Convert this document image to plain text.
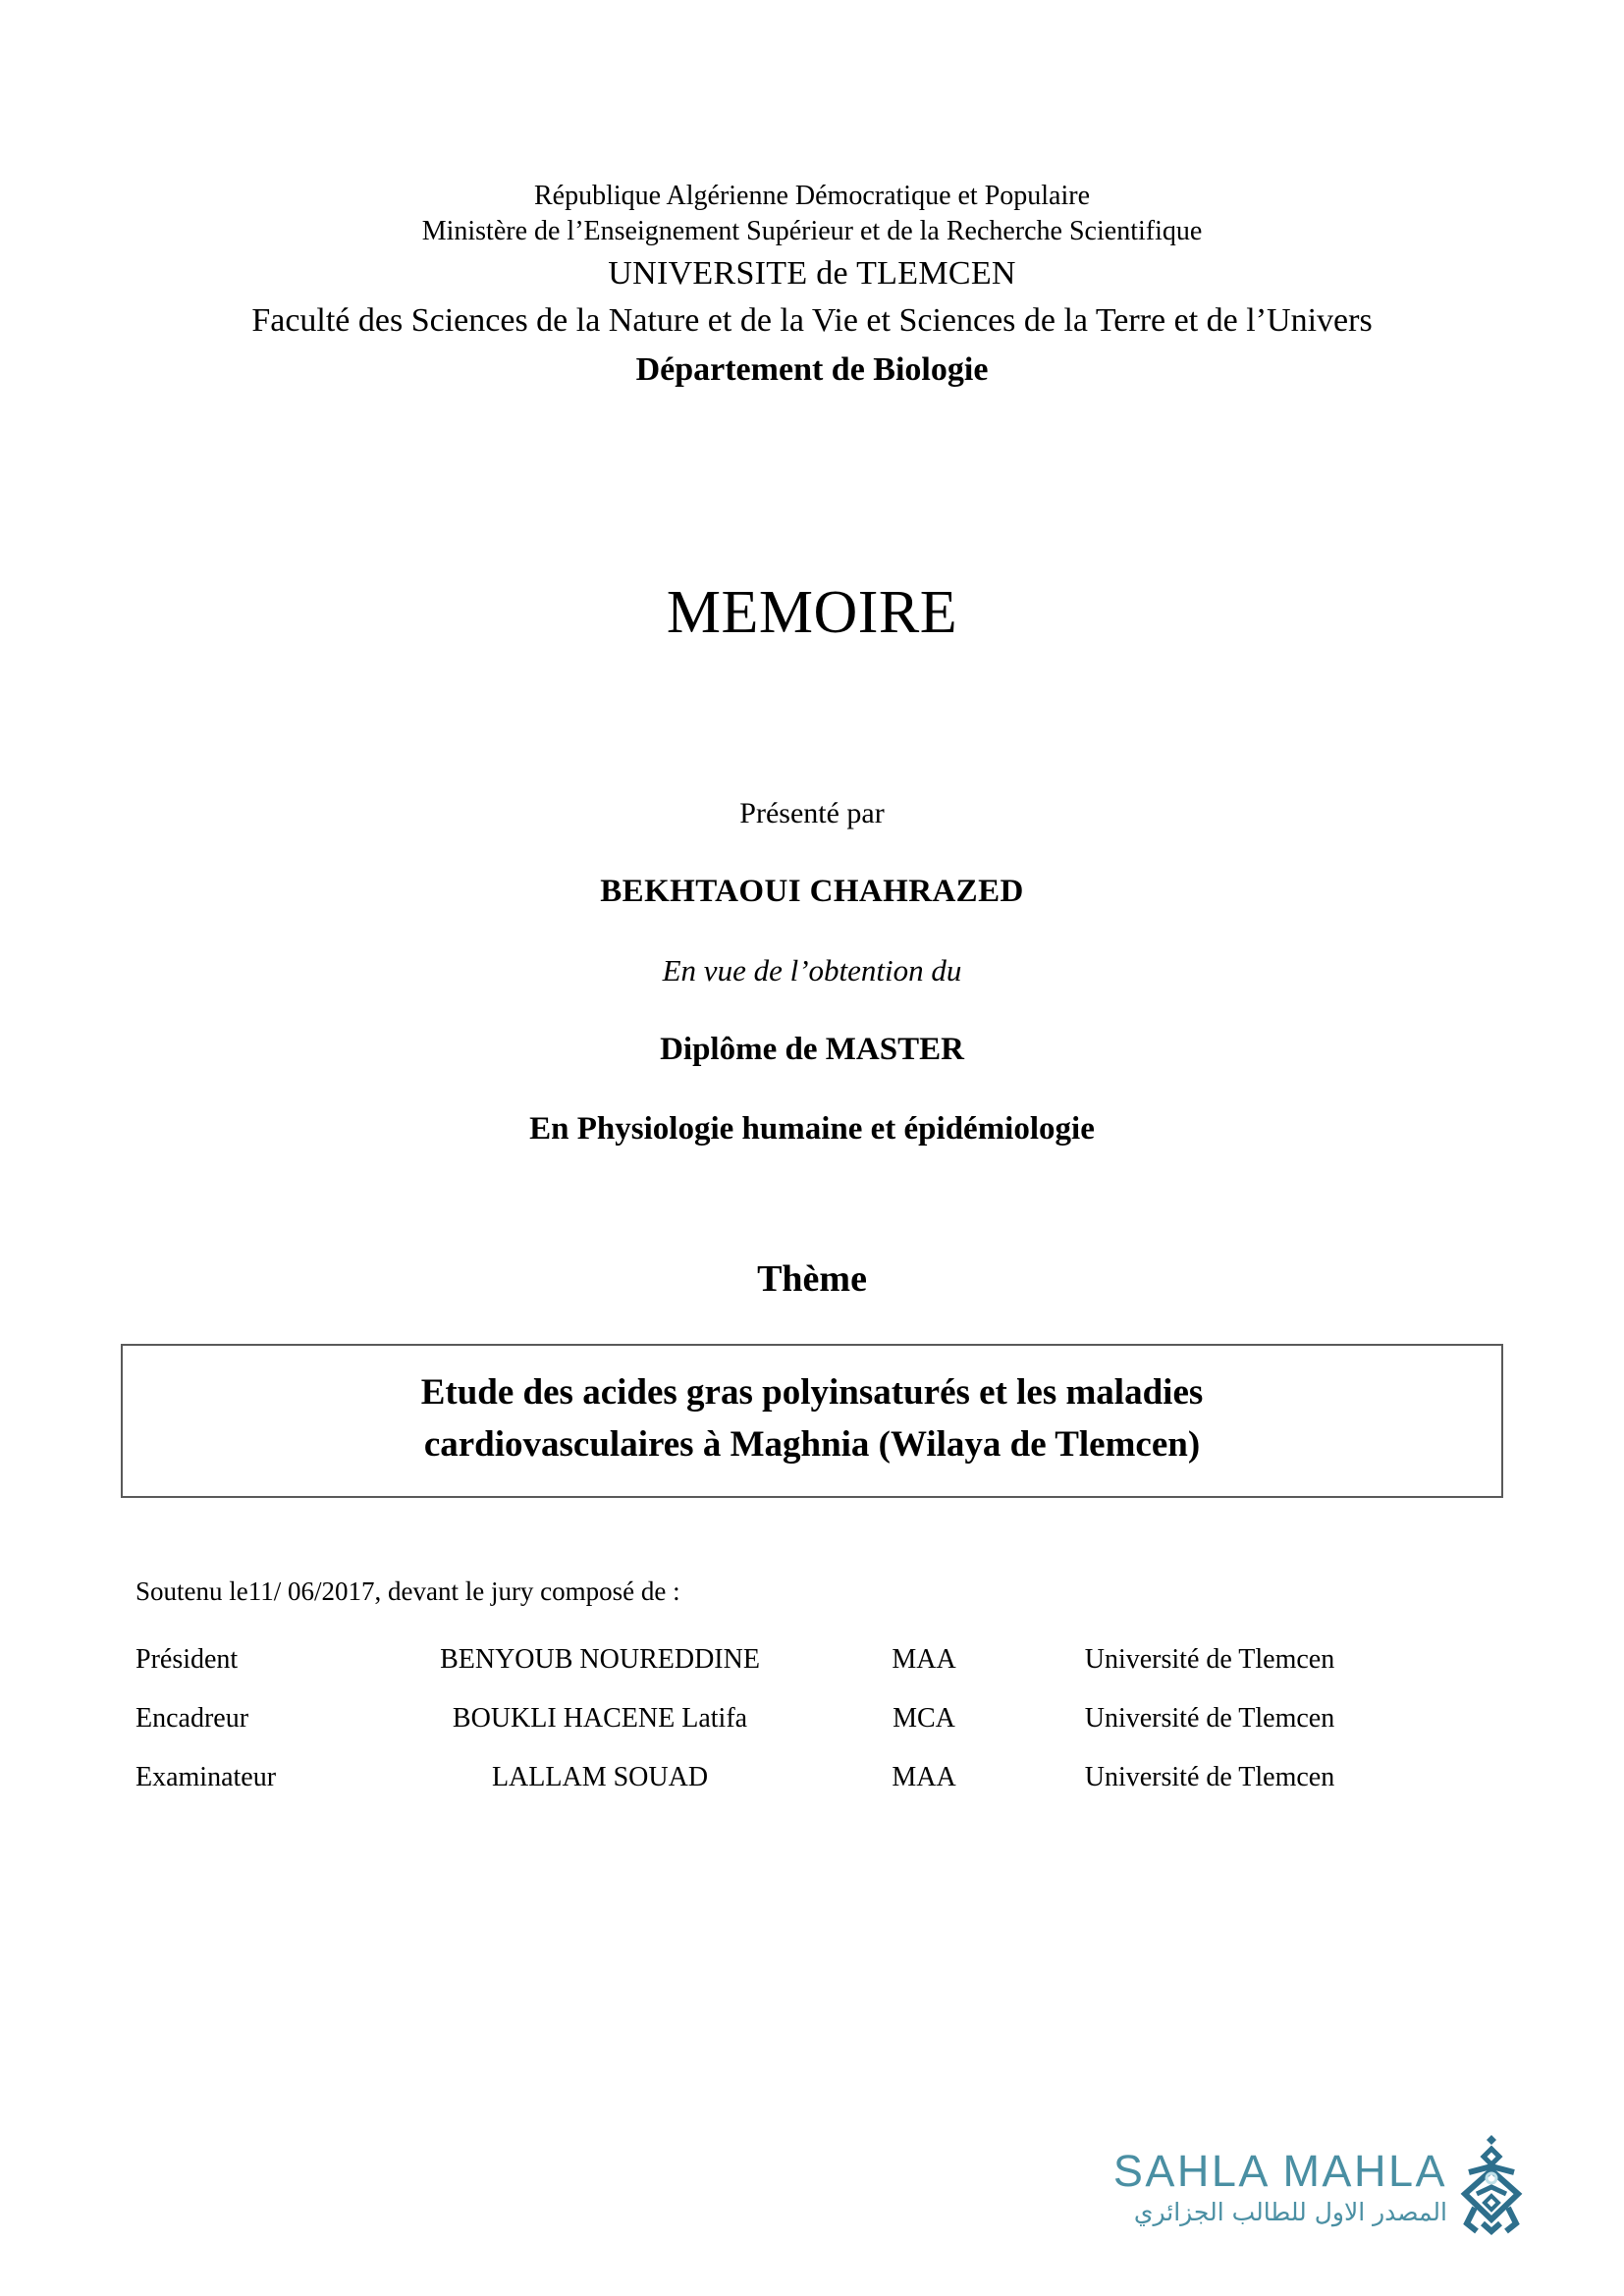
République Algérienne Démocratique et Populaire
Ministère de l’Enseignement Supérieur et de la Recherche Scientifique
UNIVERSITE de TLEMCEN
Faculté des Sciences de la Nature et de la Vie et Sciences de la Terre et de l’Univers
Département de Biologie
MEMOIRE
Présenté par
BEKHTAOUI CHAHRAZED
En vue de l’obtention du
Diplôme de MASTER
En Physiologie humaine et épidémiologie
Thème
Etude des acides gras polyinsaturés et les maladies
cardiovasculaires à Maghnia (Wilaya de Tlemcen)
Soutenu le11/ 06/2017, devant le jury composé de :
Président	BENYOUB NOUREDDINE	MAA	Université de Tlemcen
Encadreur	BOUKLI HACENE Latifa	MCA	Université de Tlemcen
Examinateur	LALLAM SOUAD	MAA	Université de Tlemcen
SAHLA MAHLA
المصدر الاول للطالب الجزائري
